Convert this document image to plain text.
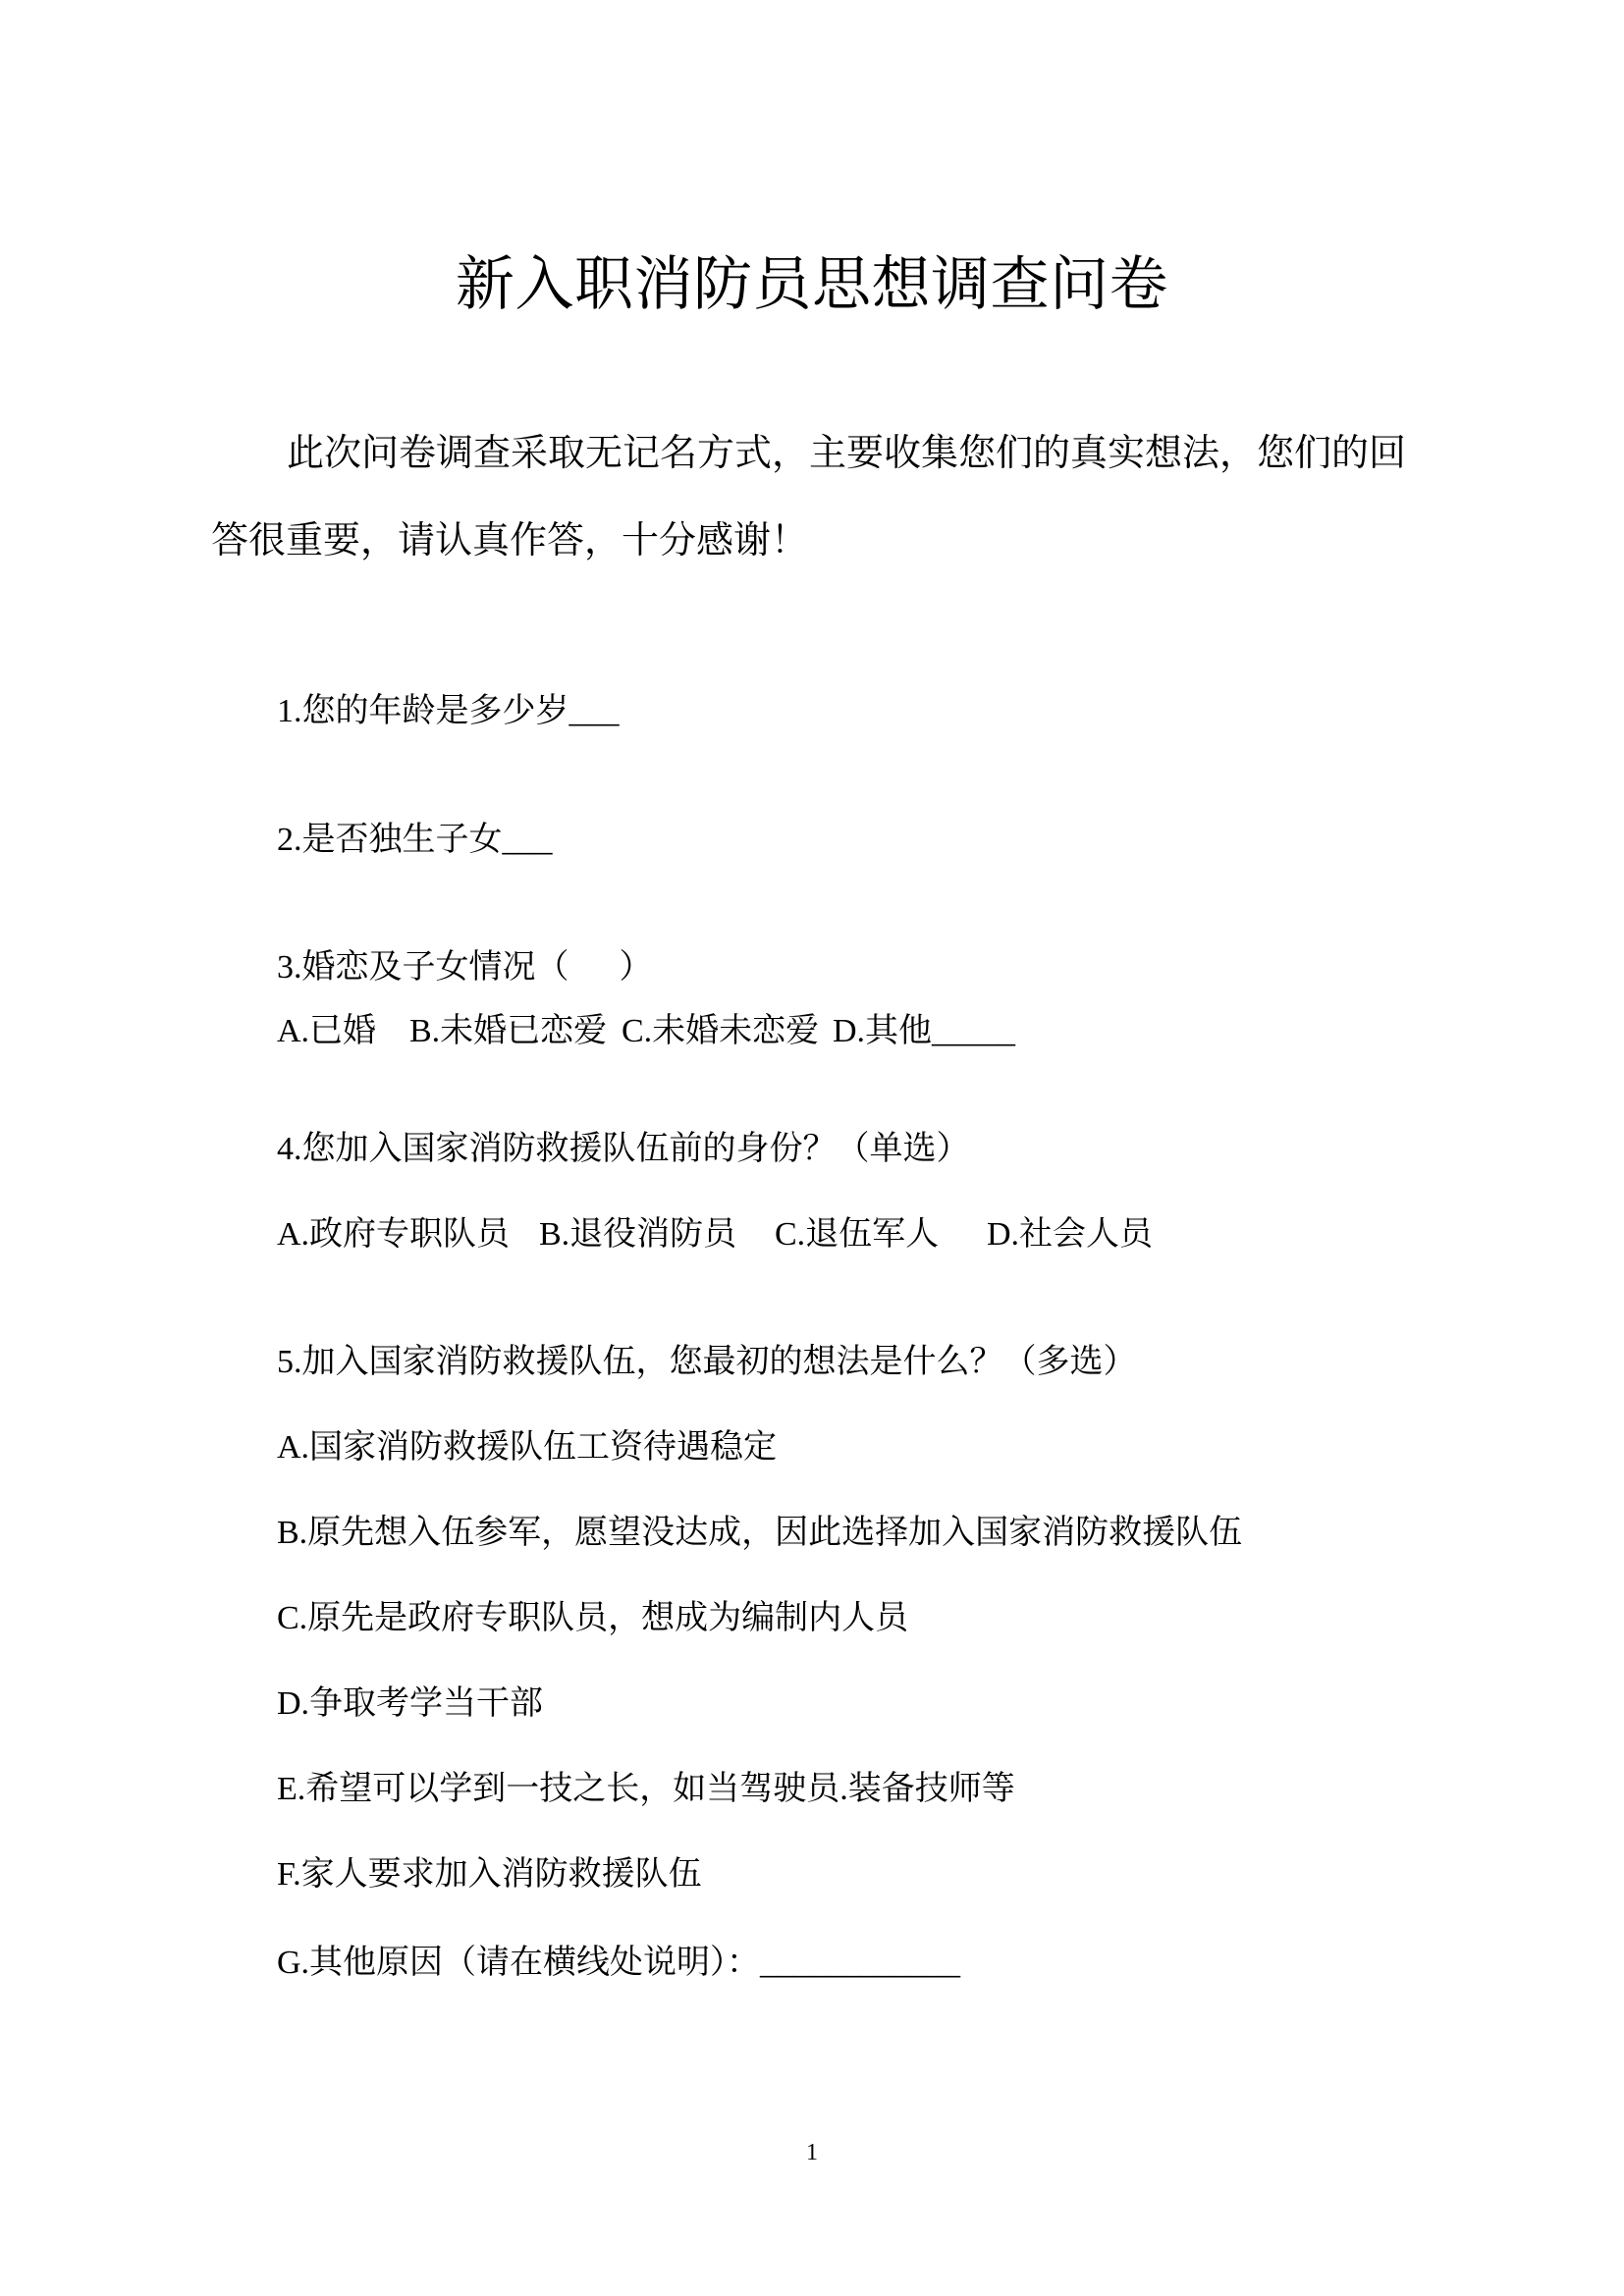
新入职消防员思想调查问卷
此次问卷调查采取无记名方式，主要收集您们的真实想法，您们的回
答很重要，请认真作答，十分感谢！
1.您的年龄是多少岁___
2.是否独生子女___
3.婚恋及子女情况（      ）
A.已婚 B.未婚已恋爱 C.未婚未恋爱 D.其他_____
4.您加入国家消防救援队伍前的身份？（单选）
A.政府专职队员 B.退役消防员 C.退伍军人 D.社会人员
5.加入国家消防救援队伍，您最初的想法是什么？（多选）
A.国家消防救援队伍工资待遇稳定
B.原先想入伍参军，愿望没达成，因此选择加入国家消防救援队伍
C.原先是政府专职队员，想成为编制内人员
D.争取考学当干部
E.希望可以学到一技之长，如当驾驶员.装备技师等
F.家人要求加入消防救援队伍
G.其他原因（请在横线处说明）：____________
1
